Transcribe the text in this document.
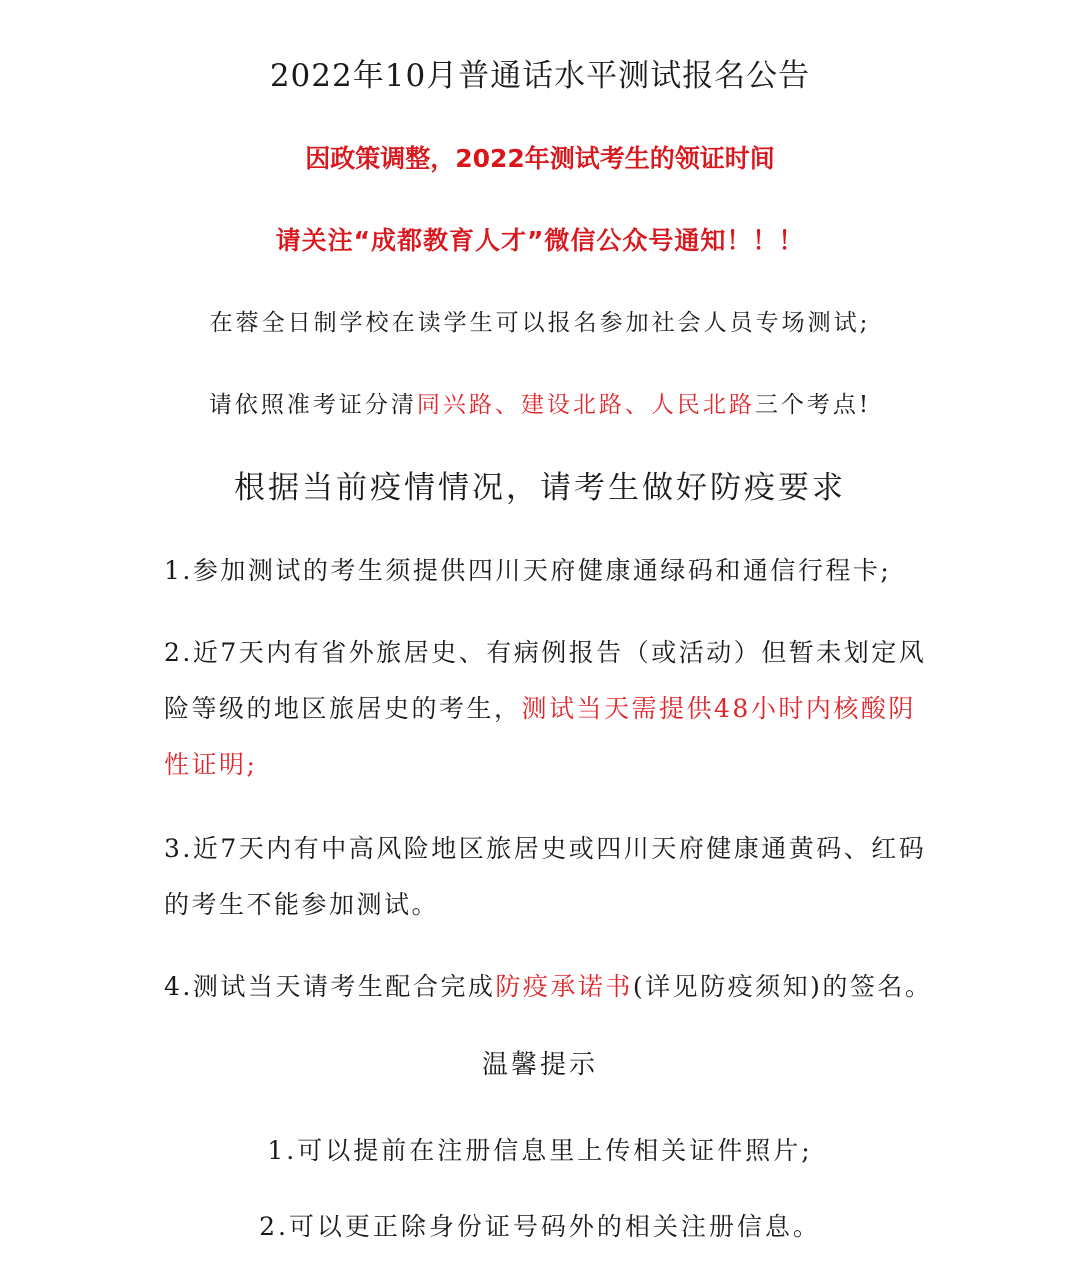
2022年10月普通话水平测试报名公告
因政策调整，2022年测试考生的领证时间
请关注“成都教育人才”微信公众号通知！！！
在蓉全日制学校在读学生可以报名参加社会人员专场测试;
请依照准考证分清同兴路、建设北路、人民北路三个考点!
根据当前疫情情况，请考生做好防疫要求
1.参加测试的考生须提供四川天府健康通绿码和通信行程卡;
2.近7天内有省外旅居史、有病例报告（或活动）但暂未划定风
险等级的地区旅居史的考生，测试当天需提供48小时内核酸阴
性证明;
3.近7天内有中高风险地区旅居史或四川天府健康通黄码、红码
的考生不能参加测试。
4.测试当天请考生配合完成防疫承诺书(详见防疫须知)的签名。
温馨提示
1.可以提前在注册信息里上传相关证件照片;
2.可以更正除身份证号码外的相关注册信息。
